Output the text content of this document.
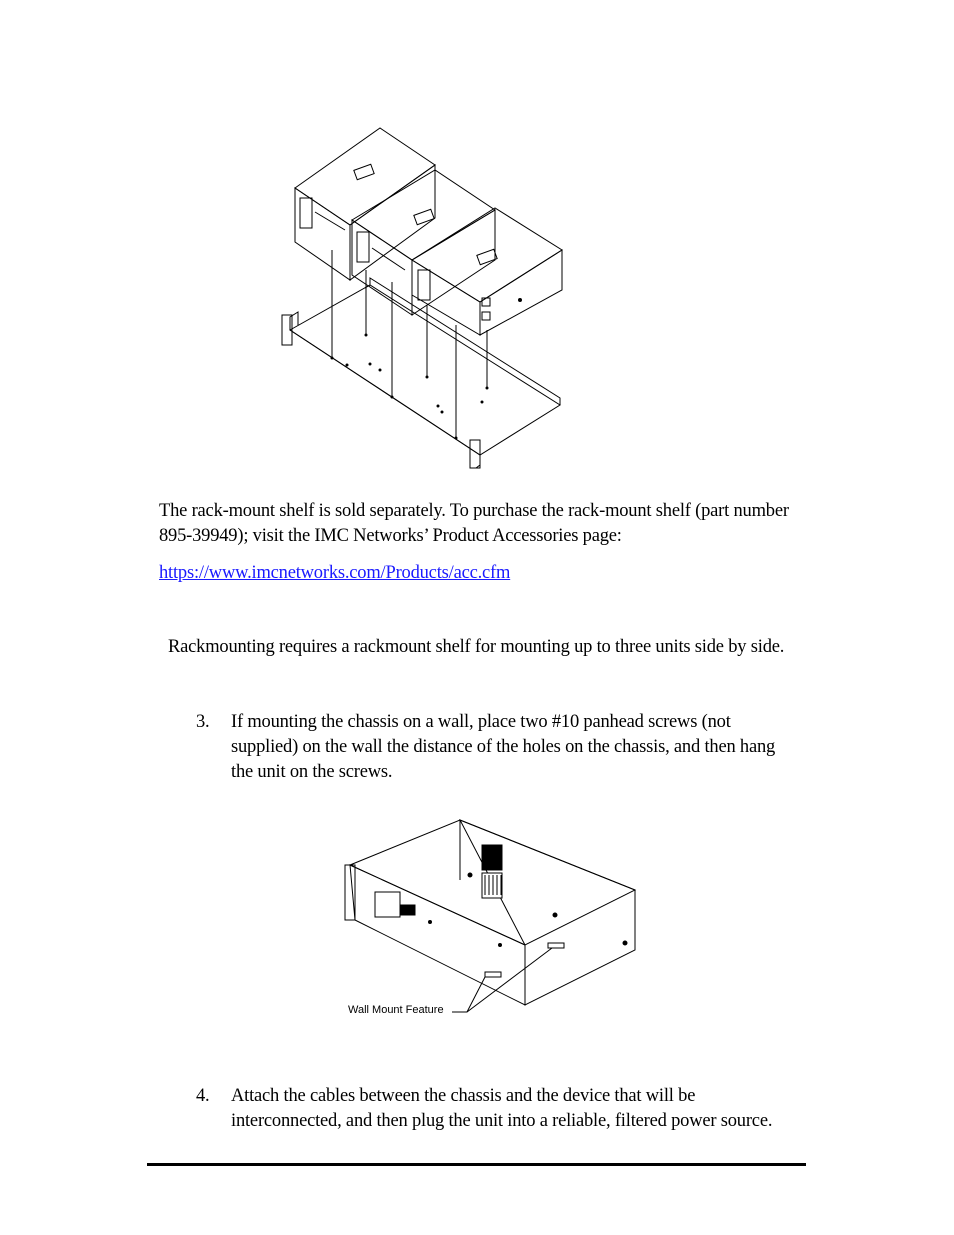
The rack-mount shelf is sold separately. To purchase the rack-mount shelf (part number 895-39949); visit the IMC Networks’ Product Accessories page:

https://www.imcnetworks.com/Products/acc.cfm

Rackmounting requires a rackmount shelf for mounting up to three units side by side.

3. If mounting the chassis on a wall, place two #10 panhead screws (not supplied) on the wall the distance of the holes on the chassis, and then hang the unit on the screws.

Wall Mount Feature
4. Attach the cables between the chassis and the device that will be interconnected, and then plug the unit into a reliable, filtered power source.
